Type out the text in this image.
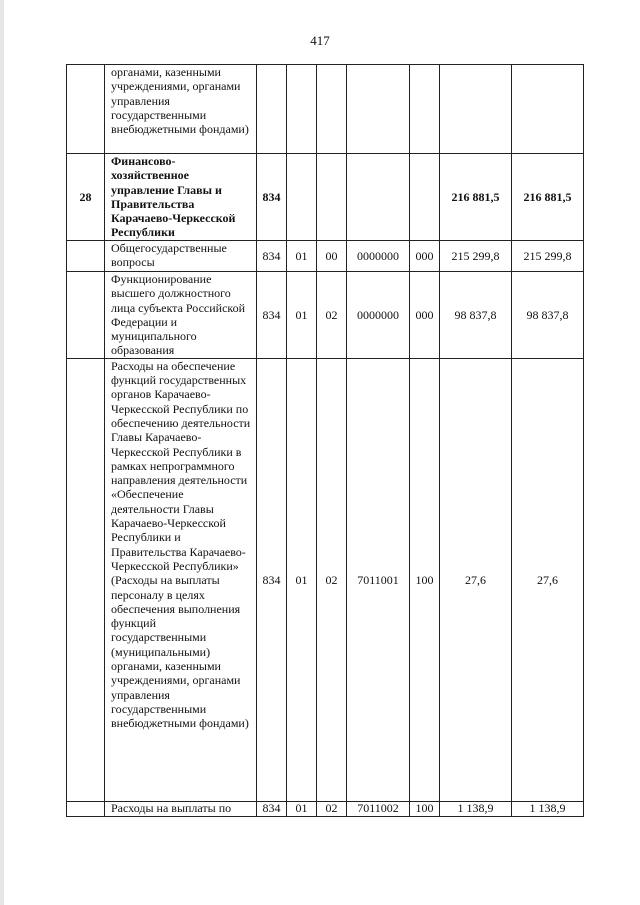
417
	органами, казенными учреждениями, органами управления государственными внебюджетными фондами)							
28	Финансово-хозяйственное управление Главы и Правительства Карачаево-Черкесской Республики	834					216 881,5	216 881,5
	Общегосударственные вопросы	834	01	00	0000000	000	215 299,8	215 299,8
	Функционирование высшего должностного лица субъекта Российской Федерации и муниципального образования	834	01	02	0000000	000	98 837,8	98 837,8
	Расходы на обеспечение функций государственных органов Карачаево-Черкесской Республики по обеспечению деятельности Главы Карачаево-Черкесской Республики в рамках непрограммного направления деятельности «Обеспечение деятельности Главы Карачаево-Черкесской Республики и Правительства Карачаево-Черкесской Республики» (Расходы на выплаты персоналу в целях обеспечения выполнения функций государственными (муниципальными) органами, казенными учреждениями, органами управления государственными внебюджетными фондами)	834	01	02	7011001	100	27,6	27,6
	Расходы на выплаты по	834	01	02	7011002	100	1 138,9	1 138,9
